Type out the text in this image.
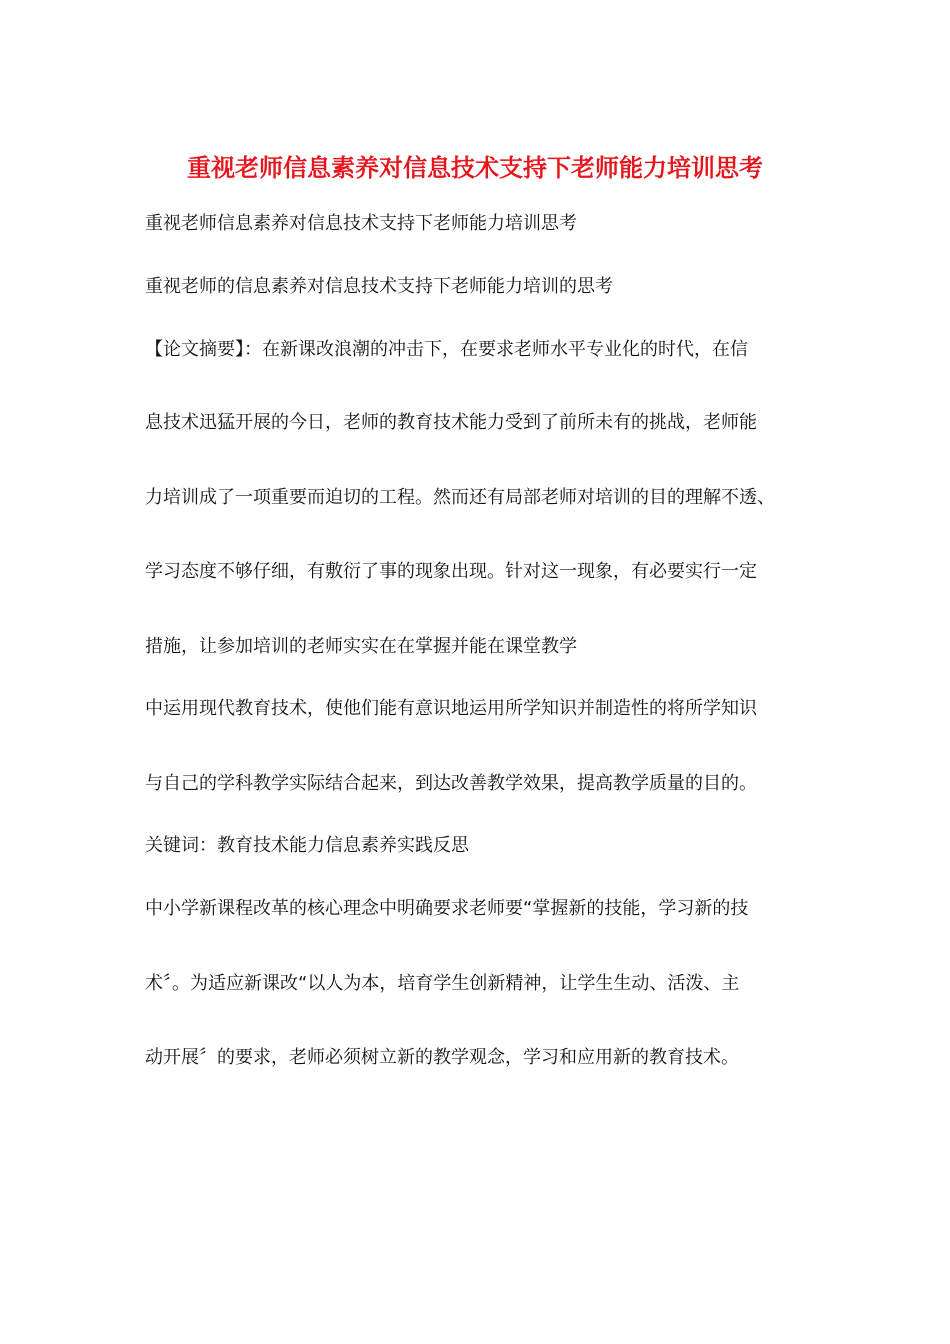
重视老师信息素养对信息技术支持下老师能力培训思考
重视老师信息素养对信息技术支持下老师能力培训思考
重视老师的信息素养对信息技术支持下老师能力培训的思考
【论文摘要】：在新课改浪潮的冲击下，在要求老师水平专业化的时代，在信
息技术迅猛开展的今日，老师的教育技术能力受到了前所未有的挑战，老师能
力培训成了一项重要而迫切的工程。然而还有局部老师对培训的目的理解不透、
学习态度不够仔细，有敷衍了事的现象出现。针对这一现象，有必要实行一定
措施，让参加培训的老师实实在在掌握并能在课堂教学
中运用现代教育技术，使他们能有意识地运用所学知识并制造性的将所学知识
与自己的学科教学实际结合起来，到达改善教学效果，提高教学质量的目的。
关键词：教育技术能力信息素养实践反思
中小学新课程改革的核心理念中明确要求老师要“掌握新的技能，学习新的技
术〞。为适应新课改“以人为本，培育学生创新精神，让学生生动、活泼、主
动开展〞的要求，老师必须树立新的教学观念，学习和应用新的教育技术。
